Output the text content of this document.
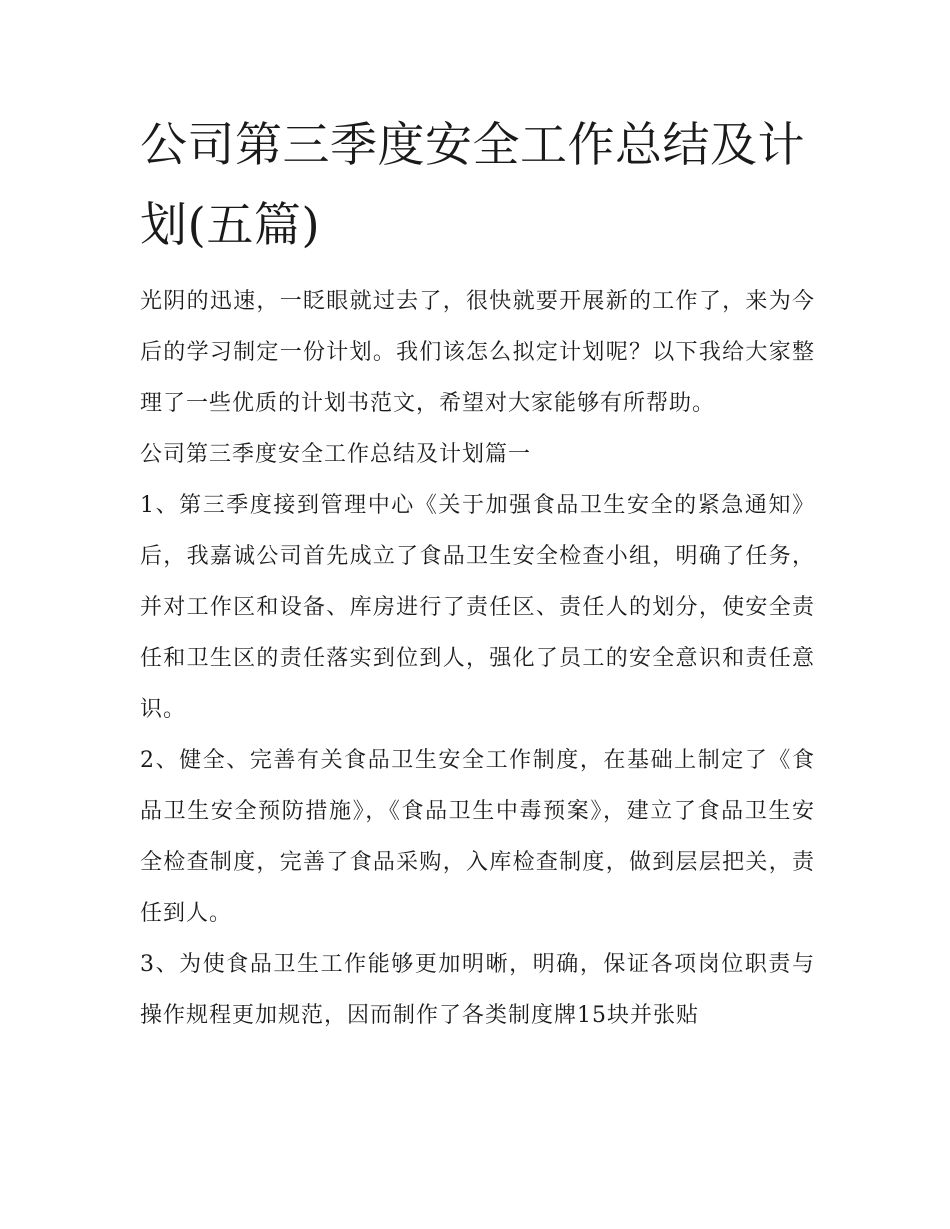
公司第三季度安全工作总结及计划(五篇)

光阴的迅速，一眨眼就过去了，很快就要开展新的工作了，来为今后的学习制定一份计划。我们该怎么拟定计划呢？以下我给大家整理了一些优质的计划书范文，希望对大家能够有所帮助。

公司第三季度安全工作总结及计划篇一

1、第三季度接到管理中心《关于加强食品卫生安全的紧急通知》后，我嘉诚公司首先成立了食品卫生安全检查小组，明确了任务，并对工作区和设备、库房进行了责任区、责任人的划分，使安全责任和卫生区的责任落实到位到人，强化了员工的安全意识和责任意识。

2、健全、完善有关食品卫生安全工作制度，在基础上制定了《食品卫生安全预防措施》，《食品卫生中毒预案》，建立了食品卫生安全检查制度，完善了食品采购，入库检查制度，做到层层把关，责任到人。

3、为使食品卫生工作能够更加明晰，明确，保证各项岗位职责与操作规程更加规范，因而制作了各类制度牌15块并张贴
